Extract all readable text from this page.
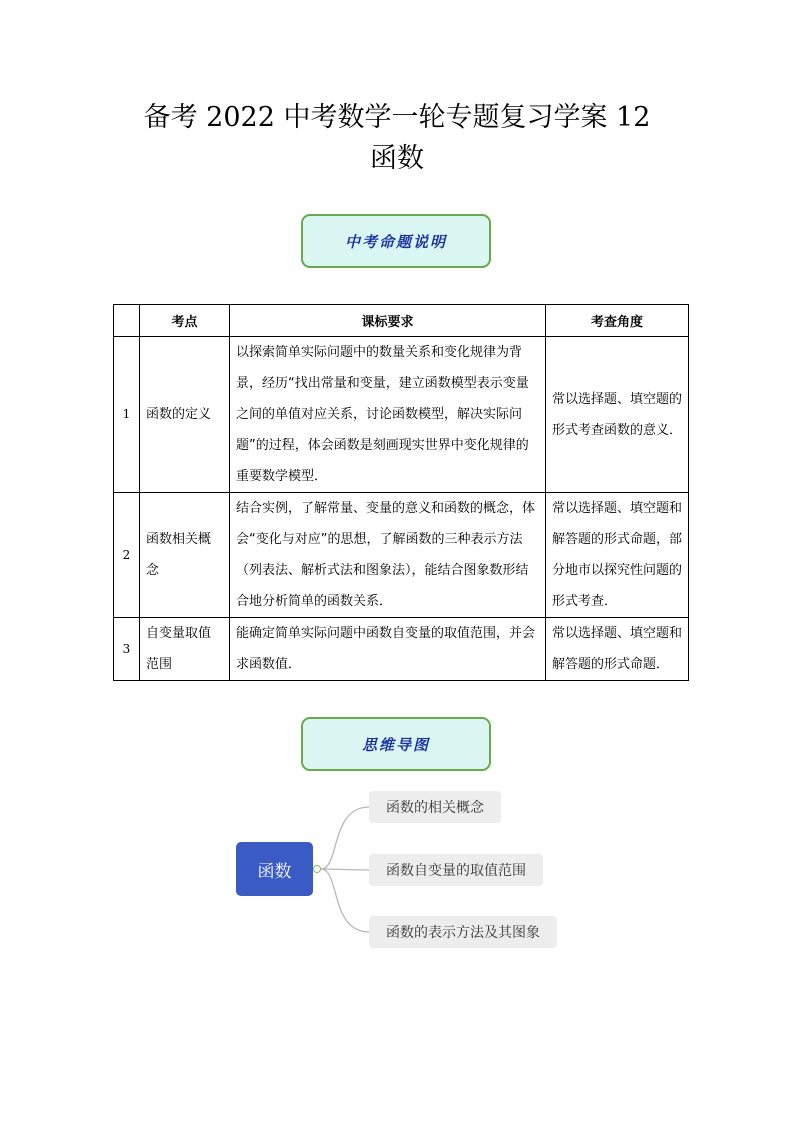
备考 2022 中考数学一轮专题复习学案 12
函数
中考命题说明
	考点	课标要求	考查角度
1	函数的定义	以探索简单实际问题中的数量关系和变化规律为背景，经历“找出常量和变量，建立函数模型表示变量之间的单值对应关系，讨论函数模型，解决实际问题”的过程，体会函数是刻画现实世界中变化规律的重要数学模型．	常以选择题、填空题的形式考查函数的意义．
2	函数相关概念	结合实例，了解常量、变量的意义和函数的概念，体会“变化与对应”的思想，了解函数的三种表示方法（列表法、解析式法和图象法），能结合图象数形结合地分析简单的函数关系．	常以选择题、填空题和解答题的形式命题，部分地市以探究性问题的形式考查．
3	自变量取值范围	能确定简单实际问题中函数自变量的取值范围，并会求函数值．	常以选择题、填空题和解答题的形式命题．
思维导图
函数
函数的相关概念
函数自变量的取值范围
函数的表示方法及其图象
